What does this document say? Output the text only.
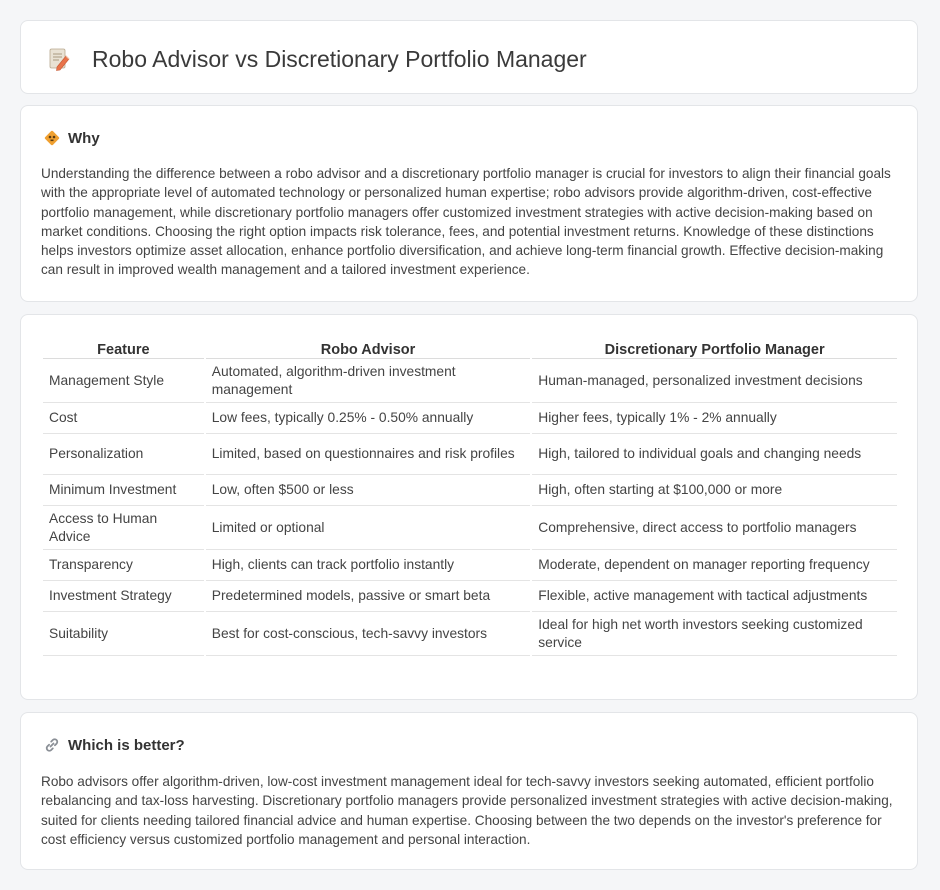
Robo Advisor vs Discretionary Portfolio Manager
Why

Understanding the difference between a robo advisor and a discretionary portfolio manager is crucial for investors to align their financial goals with the appropriate level of automated technology or personalized human expertise; robo advisors provide algorithm-driven, cost-effective portfolio management, while discretionary portfolio managers offer customized investment strategies with active decision-making based on market conditions. Choosing the right option impacts risk tolerance, fees, and potential investment returns. Knowledge of these distinctions helps investors optimize asset allocation, enhance portfolio diversification, and achieve long-term financial growth. Effective decision-making can result in improved wealth management and a tailored investment experience.

Feature	Robo Advisor	Discretionary Portfolio Manager
Management Style	Automated, algorithm-driven investment management	Human-managed, personalized investment decisions
Cost	Low fees, typically 0.25% - 0.50% annually	Higher fees, typically 1% - 2% annually
Personalization	Limited, based on questionnaires and risk profiles	High, tailored to individual goals and changing needs
Minimum Investment	Low, often $500 or less	High, often starting at $100,000 or more
Access to Human Advice	Limited or optional	Comprehensive, direct access to portfolio managers
Transparency	High, clients can track portfolio instantly	Moderate, dependent on manager reporting frequency
Investment Strategy	Predetermined models, passive or smart beta	Flexible, active management with tactical adjustments
Suitability	Best for cost-conscious, tech-savvy investors	Ideal for high net worth investors seeking customized service
Which is better?

Robo advisors offer algorithm-driven, low-cost investment management ideal for tech-savvy investors seeking automated, efficient portfolio rebalancing and tax-loss harvesting. Discretionary portfolio managers provide personalized investment strategies with active decision-making, suited for clients needing tailored financial advice and human expertise. Choosing between the two depends on the investor's preference for cost efficiency versus customized portfolio management and personal interaction.
